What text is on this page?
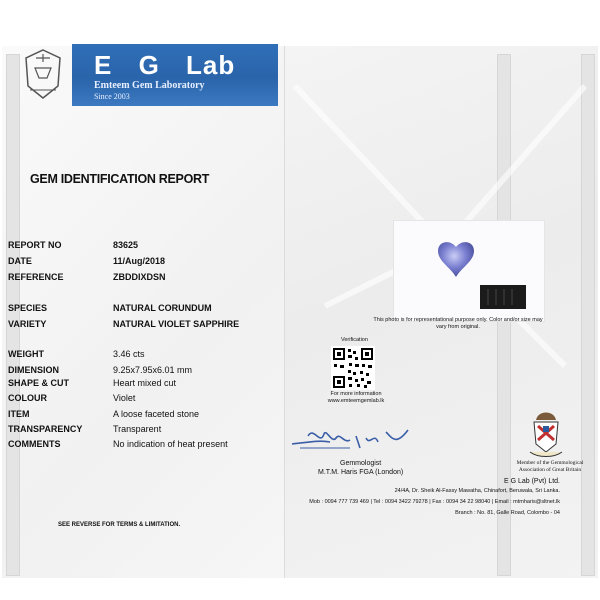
E G Lab
Emteem Gem Laboratory
Since 2003
GEM IDENTIFICATION REPORT
REPORT NO	83625
DATE	11/Aug/2018
REFERENCE	ZBDDIXDSN
SPECIES	NATURAL CORUNDUM
VARIETY	NATURAL VIOLET SAPPHIRE
WEIGHT	3.46 cts
DIMENSION	9.25x7.95x6.01 mm
SHAPE & CUT	Heart mixed cut
COLOUR	Violet
ITEM	A loose faceted stone
TRANSPARENCY	Transparent
COMMENTS	No indication of heat present
SEE REVERSE FOR TERMS & LIMITATION.
This photo is for representational purpose only. Color and/or size may vary from original.
Verification
For more information
www.emteemgemlab.lk
Gemmologist
M.T.M. Haris FGA (London)
Member of the Gemmological Association of Great Britain
E G Lab (Pvt) Ltd.
24/4A, Dr. Sheik Al-Fassy Mawatha, Chinafort, Beruwala, Sri Lanka.
Mob : 0094 777 739 469 | Tel : 0094 3422 79278 | Fax : 0094 34 22 98040 | Email : mtmharis@sltnet.lk
Branch : No. 81, Galle Road, Colombo - 04
